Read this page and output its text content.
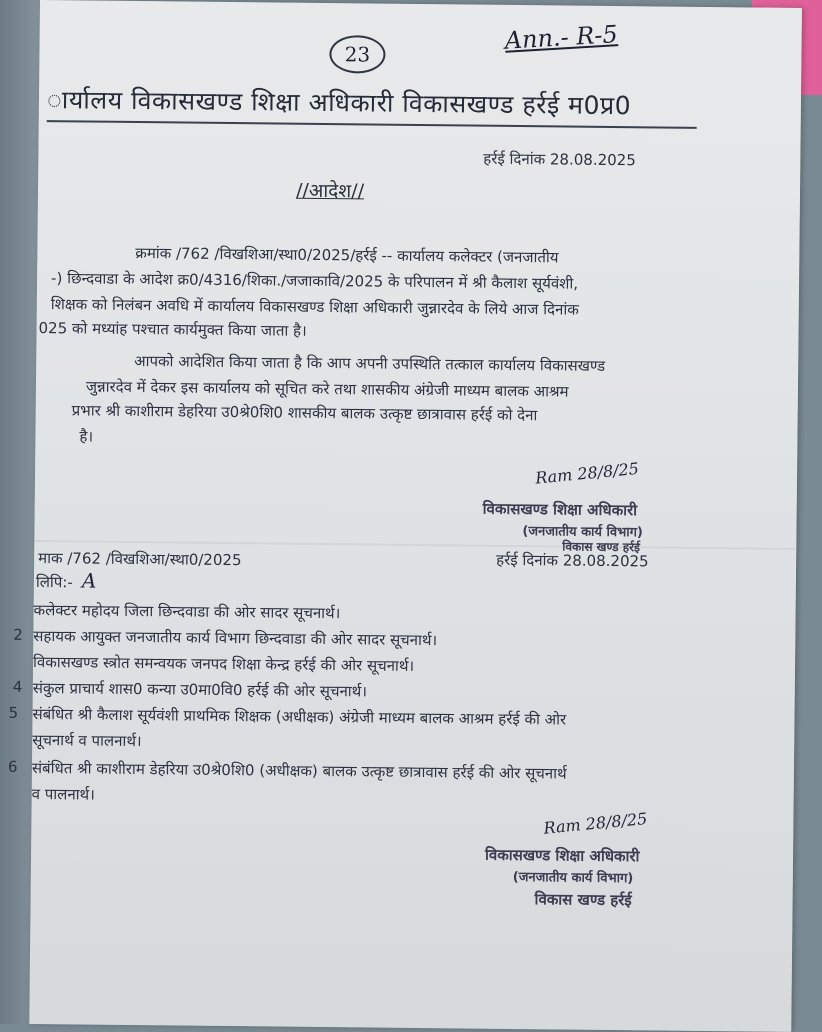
23	Ann.- R-5
ार्यालय विकासखण्ड शिक्षा अधिकारी विकासखण्ड हर्रई म0प्र0
हर्रई दिनांक 28.08.2025
//आदेश//
क्रमांक /762 /विखशिआ/स्था0/2025/हर्रई -- कार्यालय कलेक्टर (जनजातीय
-) छिन्दवाडा के आदेश क्र0/4316/शिका./जजाकावि/2025 के परिपालन में श्री कैलाश सूर्यवंशी,
शिक्षक को निलंबन अवधि में कार्यालय विकासखण्ड शिक्षा अधिकारी जुन्नारदेव के लिये आज दिनांक
025 को मध्यांह पश्चात कार्यमुक्त किया जाता है।
आपको आदेशित किया जाता है कि आप अपनी उपस्थिति तत्काल कार्यालय विकासखण्ड
जुन्नारदेव में देकर इस कार्यालय को सूचित करे तथा शासकीय अंग्रेजी माध्यम बालक आश्रम
प्रभार श्री काशीराम डेहरिया उ0श्रे0शि0 शासकीय बालक उत्कृष्ट छात्रावास हर्रई को देना
है।
Ram 28/8/25
विकासखण्ड शिक्षा अधिकारी
(जनजातीय कार्य विभाग)
विकास खण्ड हर्रई
माक /762 /विखशिआ/स्था0/2025	हर्रई दिनांक 28.08.2025
लिपि:- A
कलेक्टर महोदय जिला छिन्दवाडा की ओर सादर सूचनार्थ।
2 सहायक आयुक्त जनजातीय कार्य विभाग छिन्दवाडा की ओर सादर सूचनार्थ।
विकासखण्ड स्त्रोत समन्वयक जनपद शिक्षा केन्द्र हर्रई की ओर सूचनार्थ।
4 संकुल प्राचार्य शास0 कन्या उ0मा0वि0 हर्रई की ओर सूचनार्थ।
5 संबंधित श्री कैलाश सूर्यवंशी प्राथमिक शिक्षक (अधीक्षक) अंग्रेजी माध्यम बालक आश्रम हर्रई की ओर
सूचनार्थ व पालनार्थ।
6 संबंधित श्री काशीराम डेहरिया उ0श्रे0शि0 (अधीक्षक) बालक उत्कृष्ट छात्रावास हर्रई की ओर सूचनार्थ
व पालनार्थ।
Ram 28/8/25
विकासखण्ड शिक्षा अधिकारी
(जनजातीय कार्य विभाग)
विकास खण्ड हर्रई
